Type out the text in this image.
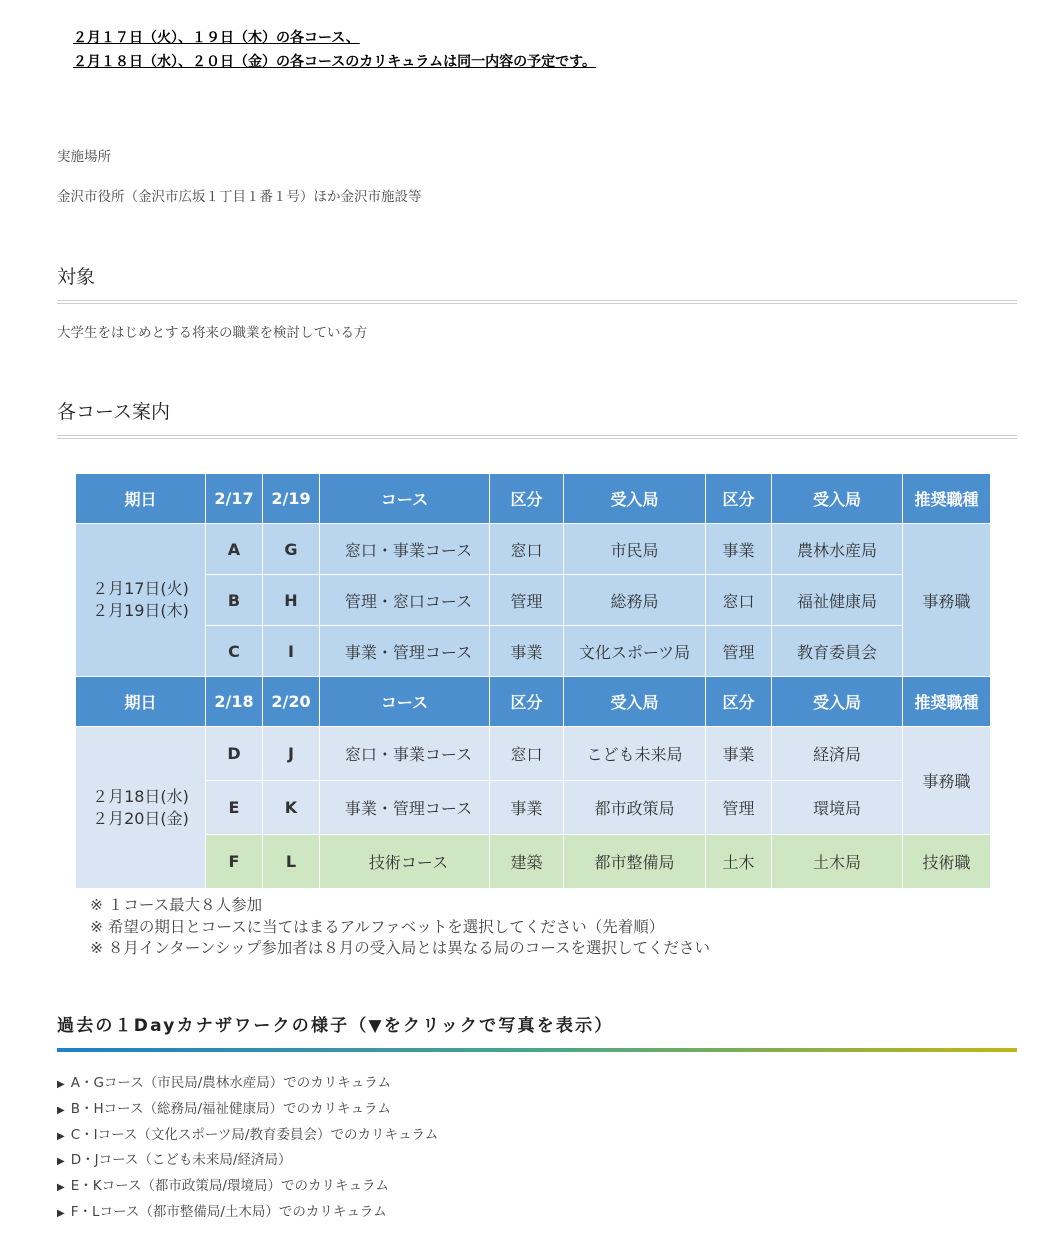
２月１７日（火）、１９日（木）の各コース、
２月１８日（水）、２０日（金）の各コースのカリキュラムは同一内容の予定です。
実施場所
金沢市役所（金沢市広坂１丁目１番１号）ほか金沢市施設等
対象
大学生をはじめとする将来の職業を検討している方
各コース案内
期日	2/17	2/19	コース	区分	受入局	区分	受入局	推奨職種

２月17日(火)
２月19日(木)	A	G	窓口・事業コース	窓口	市民局	事業	農林水産局	事務職
	B	H	管理・窓口コース	管理	総務局	窓口	福祉健康局	
	C	I	事業・管理コース	事業	文化スポーツ局	管理	教育委員会	
期日	2/18	2/20	コース	区分	受入局	区分	受入局	推奨職種

２月18日(水)
２月20日(金)	D	J	窓口・事業コース	窓口	こども未来局	事業	経済局	事務職
	E	K	事業・管理コース	事業	都市政策局	管理	環境局	
	F	L	技術コース	建築	都市整備局	土木	土木局	技術職
※ １コース最大８人参加
※ 希望の期日とコースに当てはまるアルファベットを選択してください（先着順）
※ ８月インターンシップ参加者は８月の受入局とは異なる局のコースを選択してください
過去の１Dayカナザワークの様子（▼をクリックで写真を表示）
▶ A・Gコース（市民局/農林水産局）でのカリキュラム
▶ B・Hコース（総務局/福祉健康局）でのカリキュラム
▶ C・Iコース（文化スポーツ局/教育委員会）でのカリキュラム
▶ D・Jコース（こども未来局/経済局）
▶ E・Kコース（都市政策局/環境局）でのカリキュラム
▶ F・Lコース（都市整備局/土木局）でのカリキュラム
